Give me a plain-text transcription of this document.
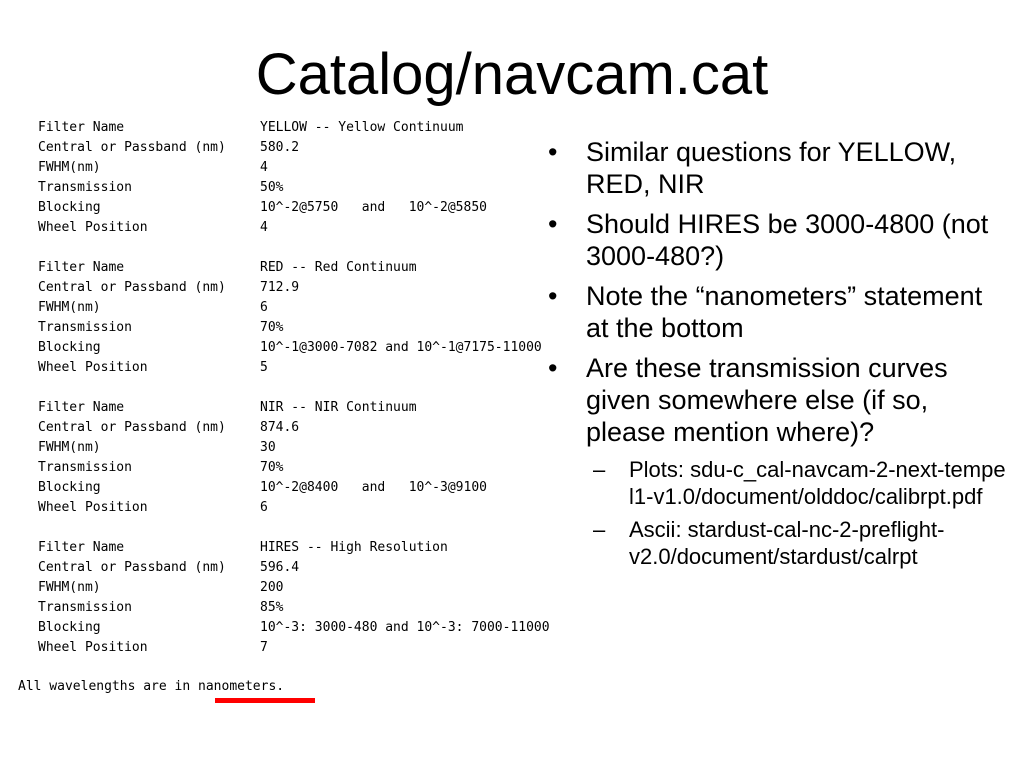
Catalog/navcam.cat
Filter Name	YELLOW -- Yellow Continuum
Central or Passband (nm)	580.2
FWHM(nm)	4
Transmission	50%
Blocking	10^-2@5750   and   10^-2@5850
Wheel Position	4
Filter Name	RED -- Red Continuum
Central or Passband (nm)	712.9
FWHM(nm)	6
Transmission	70%
Blocking	10^-1@3000-7082 and 10^-1@7175-11000
Wheel Position	5
Filter Name	NIR -- NIR Continuum
Central or Passband (nm)	874.6
FWHM(nm)	30
Transmission	70%
Blocking	10^-2@8400   and   10^-3@9100
Wheel Position	6
Filter Name	HIRES -- High Resolution
Central or Passband (nm)	596.4
FWHM(nm)	200
Transmission	85%
Blocking	10^-3: 3000-480 and 10^-3: 7000-11000
Wheel Position	7
All wavelengths are in nanometers.
• Similar questions for YELLOW, RED, NIR
• Should HIRES be 3000-4800 (not 3000-480?)
• Note the “nanometers” statement at the bottom
• Are these transmission curves given somewhere else (if so, please mention where)?
– Plots: sdu-c_cal-navcam-2-next-tempel1-v1.0/document/olddoc/calibrpt.pdf
– Ascii: stardust-cal-nc-2-preflight-v2.0/document/stardust/calrpt
